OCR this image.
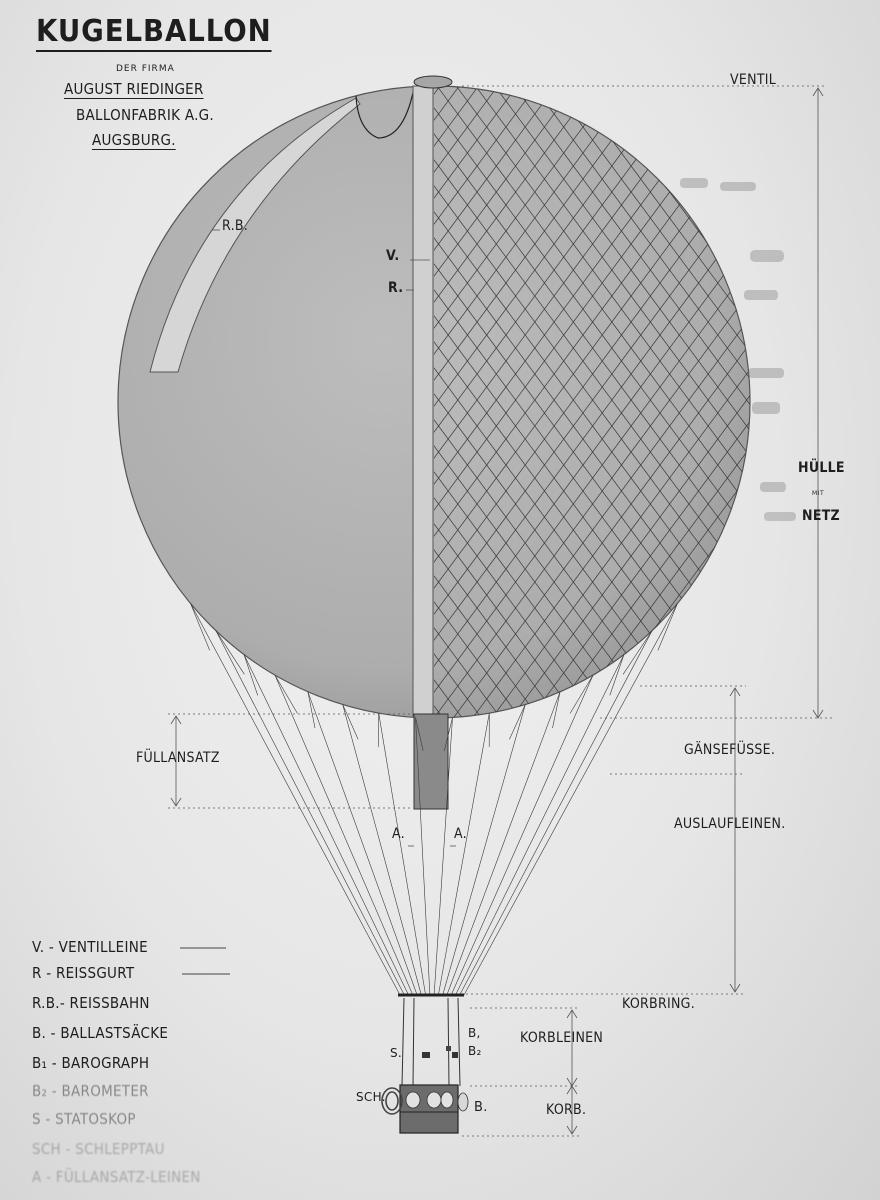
KUGELBALLON
DER FIRMA
AUGUST RIEDINGER
BALLONFABRIK A.G.
AUGSBURG.
VENTIL
R.B.
V.
R.
HÜLLE
MIT
NETZ
GÄNSEFÜSSE.
AUSLAUFLEINEN.
FÜLLANSATZ
A.	A.
KORBRING.
KORBLEINEN
KORB.
B,
B₂
S.
SCH.
B.
V. - VENTILLEINE
R - REISSGURT
R.B.- REISSBAHN
B. - BALLASTSÄCKE
B₁ - BAROGRAPH
B₂ - BAROMETER
S - STATOSKOP
SCH - SCHLEPPTAU
A - FÜLLANSATZ-LEINEN
